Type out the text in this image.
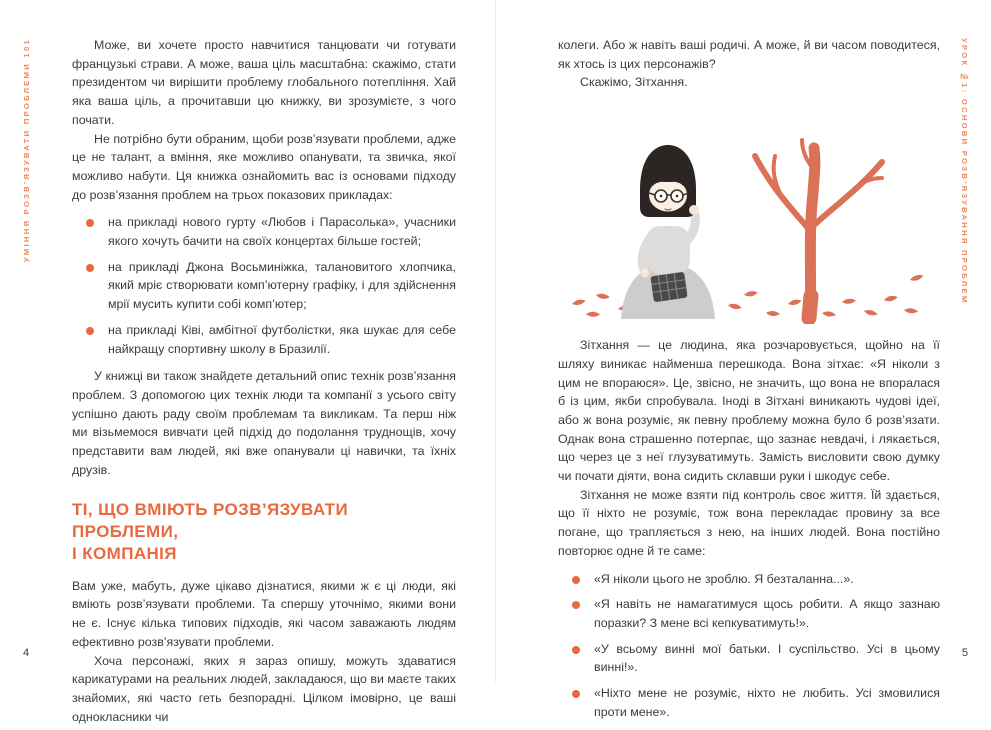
УМІННЯ РОЗВ’ЯЗУВАТИ ПРОБЛЕМИ 101	УРОК №1: ОСНОВИ РОЗВ’ЯЗУВАННЯ ПРОБЛЕМ

Може, ви хочете просто навчитися танцювати чи готувати французькі страви. А може, ваша ціль масштабна: скажімо, стати президентом чи вирішити проблему глобального потепління. Хай яка ваша ціль, а прочитавши цю книжку, ви зрозумієте, з чого почати.

Не потрібно бути обраним, щоби розв’язувати проблеми, адже це не талант, а вміння, яке можливо опанувати, та звичка, якої можливо набути. Ця книжка ознайомить вас із основами підходу до розв’язання проблем на трьох показових прикладах:

на прикладі нового гурту «Любов і Парасолька», учасники якого хочуть бачити на своїх концертах більше гостей;
на прикладі Джона Восьминіжка, талановитого хлопчика, який мріє створювати комп’ютерну графіку, і для здійснення мрії мусить купити собі комп’ютер;
на прикладі Ківі, амбітної футболістки, яка шукає для себе найкращу спортивну школу в Бразилії.

У книжці ви також знайдете детальний опис технік розв’язання проблем. З допомогою цих технік люди та компанії з усього світу успішно дають раду своїм проблемам та викликам. Та перш ніж ми візьмемося вивчати цей підхід до подолання труднощів, хочу представити вам людей, які вже опанували ці навички, та їхніх друзів.

ТІ, ЩО ВМІЮТЬ РОЗВ’ЯЗУВАТИ ПРОБЛЕМИ,
І КОМПАНІЯ

Вам уже, мабуть, дуже цікаво дізнатися, якими ж є ці люди, які вміють розв’язувати проблеми. Та спершу уточнімо, якими вони не є. Існує кілька типових підходів, які часом заважають людям ефективно розв’язувати проблеми.

Хоча персонажі, яких я зараз опишу, можуть здаватися карикатурами на реальних людей, закладаюся, що ви маєте таких знайомих, які часто геть безпорадні. Цілком імовірно, це ваші однокласники чи

колеги. Або ж навіть ваші родичі. А може, й ви часом поводитеся, як хтось із цих персонажів?

Скажімо, Зітхання.

Зітхання — це людина, яка розчаровується, щойно на її шляху виникає найменша перешкода. Вона зітхає: «Я ніколи з цим не впораюся». Це, звісно, не значить, що вона не впоралася б із цим, якби спробувала. Іноді в Зітхані виникають чудові ідеї, або ж вона розуміє, як певну проблему можна було б розв’язати. Однак вона страшенно потерпає, що зазнає невдачі, і лякається, що через це з неї глузуватимуть. Замість висловити свою думку чи почати діяти, вона сидить склавши руки і шкодує себе.

Зітхання не може взяти під контроль своє життя. Їй здається, що її ніхто не розуміє, тож вона перекладає провину за все погане, що трапляється з нею, на інших людей. Вона постійно повторює одне й те саме:

«Я ніколи цього не зроблю. Я безталанна...».
«Я навіть не намагатимуся щось робити. А якщо зазнаю поразки? З мене всі кепкуватимуть!».
«У всьому винні мої батьки. І суспільство. Усі в цьому винні!».
«Ніхто мене не розуміє, ніхто не любить. Усі змовилися проти мене».
4	5
